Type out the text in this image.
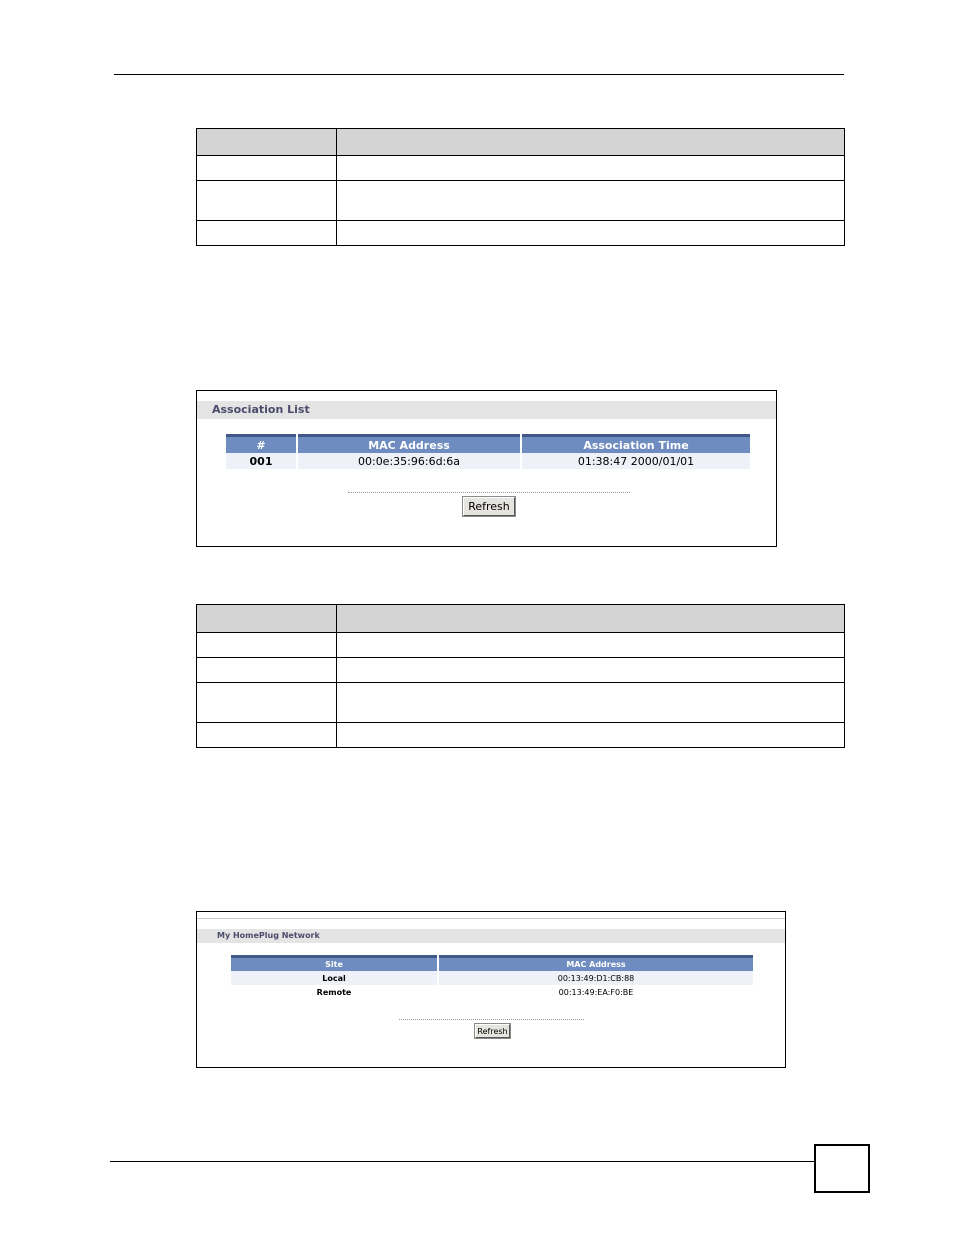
Association List
#	MAC Address	Association Time
001	00:0e:35:96:6d:6a	01:38:47 2000/01/01
Refresh

My HomePlug Network
Site	MAC Address
Local	00:13:49:D1:CB:88
Remote	00:13:49:EA:F0:BE
Refresh
